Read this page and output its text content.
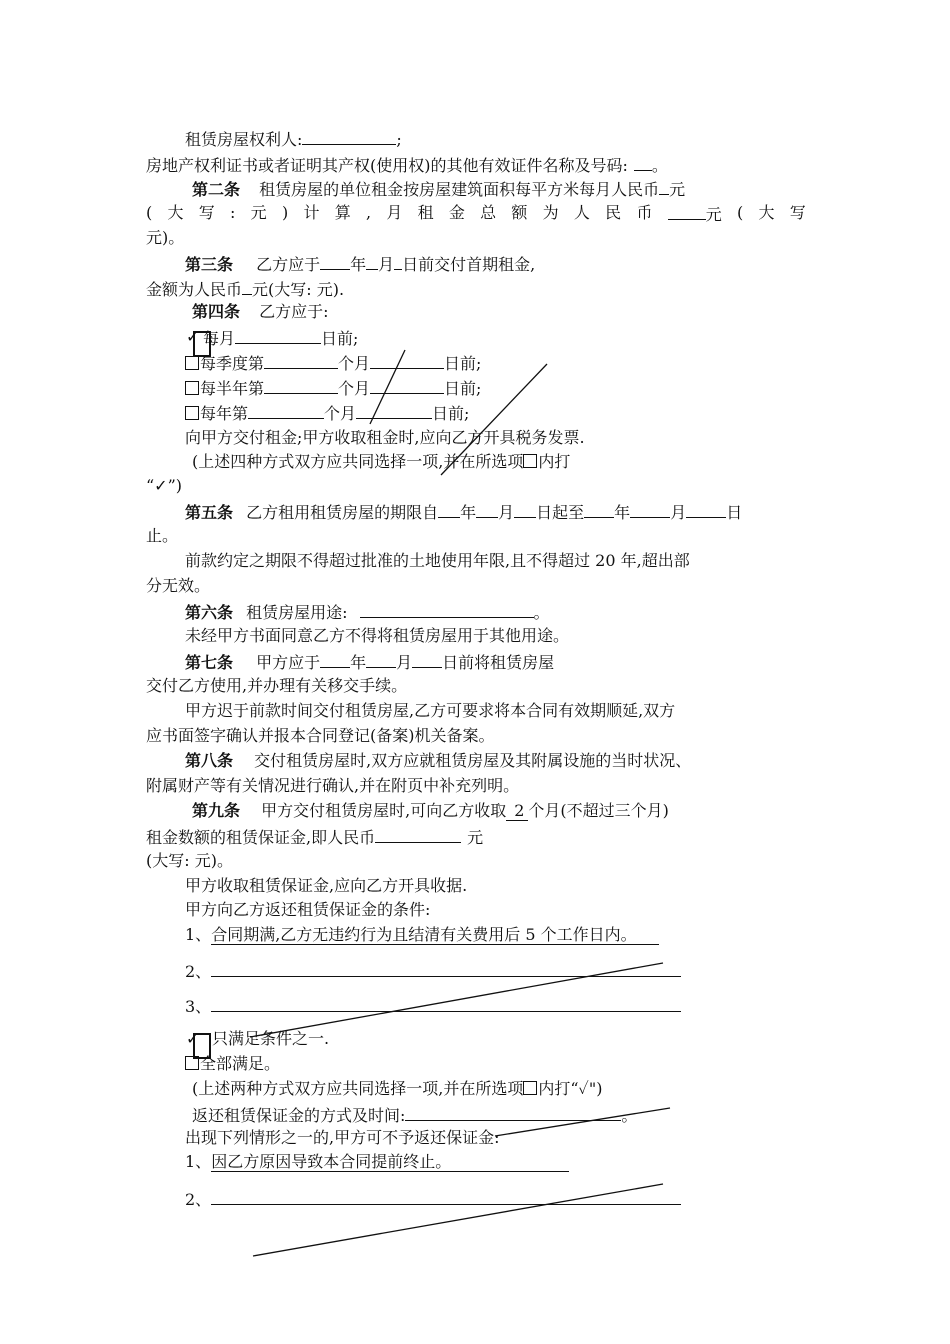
租赁房屋权利人:	;
房地产权利证书或者证明其产权(使用权)的其他有效证件名称及号码: 。
第二条 租赁房屋的单位租金按房屋建筑面积每平方米每月人民币 元
( 大 写 : 元 ) 计 算 , 月 租 金 总 额 为 人 民 币	元 ( 大 写
元)。
第三条 乙方应于 年 月 日前交付首期租金,
金额为人民币 元(大写: 元).
第四条 乙方应于:
✓ 每月	日前;
每季度第	个月	日前;
每半年第	个月	日前;
每年第	个月	日前;
向甲方交付租金;甲方收取租金时,应向乙方开具税务发票.
(上述四种方式双方应共同选择一项,并在所选项 内打
“✓”)
第五条 乙方租用租赁房屋的期限自 年 月 日起至 年	月	日
止。
前款约定之期限不得超过批准的土地使用年限,且不得超过 20 年,超出部
分无效。
第六条 租赁房屋用途:	。
未经甲方书面同意乙方不得将租赁房屋用于其他用途。
第七条 甲方应于 年 月 日前将租赁房屋
交付乙方使用,并办理有关移交手续。
甲方迟于前款时间交付租赁房屋,乙方可要求将本合同有效期顺延,双方
应书面签字确认并报本合同登记(备案)机关备案。
第八条 交付租赁房屋时,双方应就租赁房屋及其附属设施的当时状况、
附属财产等有关情况进行确认,并在附页中补充列明。
第九条 甲方交付租赁房屋时,可向乙方收取 2 个月(不超过三个月)
租金数额的租赁保证金,即人民币	元
(大写: 元)。
甲方收取租赁保证金,应向乙方开具收据.
甲方向乙方返还租赁保证金的条件:
1、合同期满,乙方无违约行为且结清有关费用后 5 个工作日内。
2、
3、
✓ 只满足条件之一.
全部满足。
(上述两种方式双方应共同选择一项,并在所选项 内打“✓")
返还租赁保证金的方式及时间:	。
出现下列情形之一的,甲方可不予返还保证金:
1、因乙方原因导致本合同提前终止。
2、
